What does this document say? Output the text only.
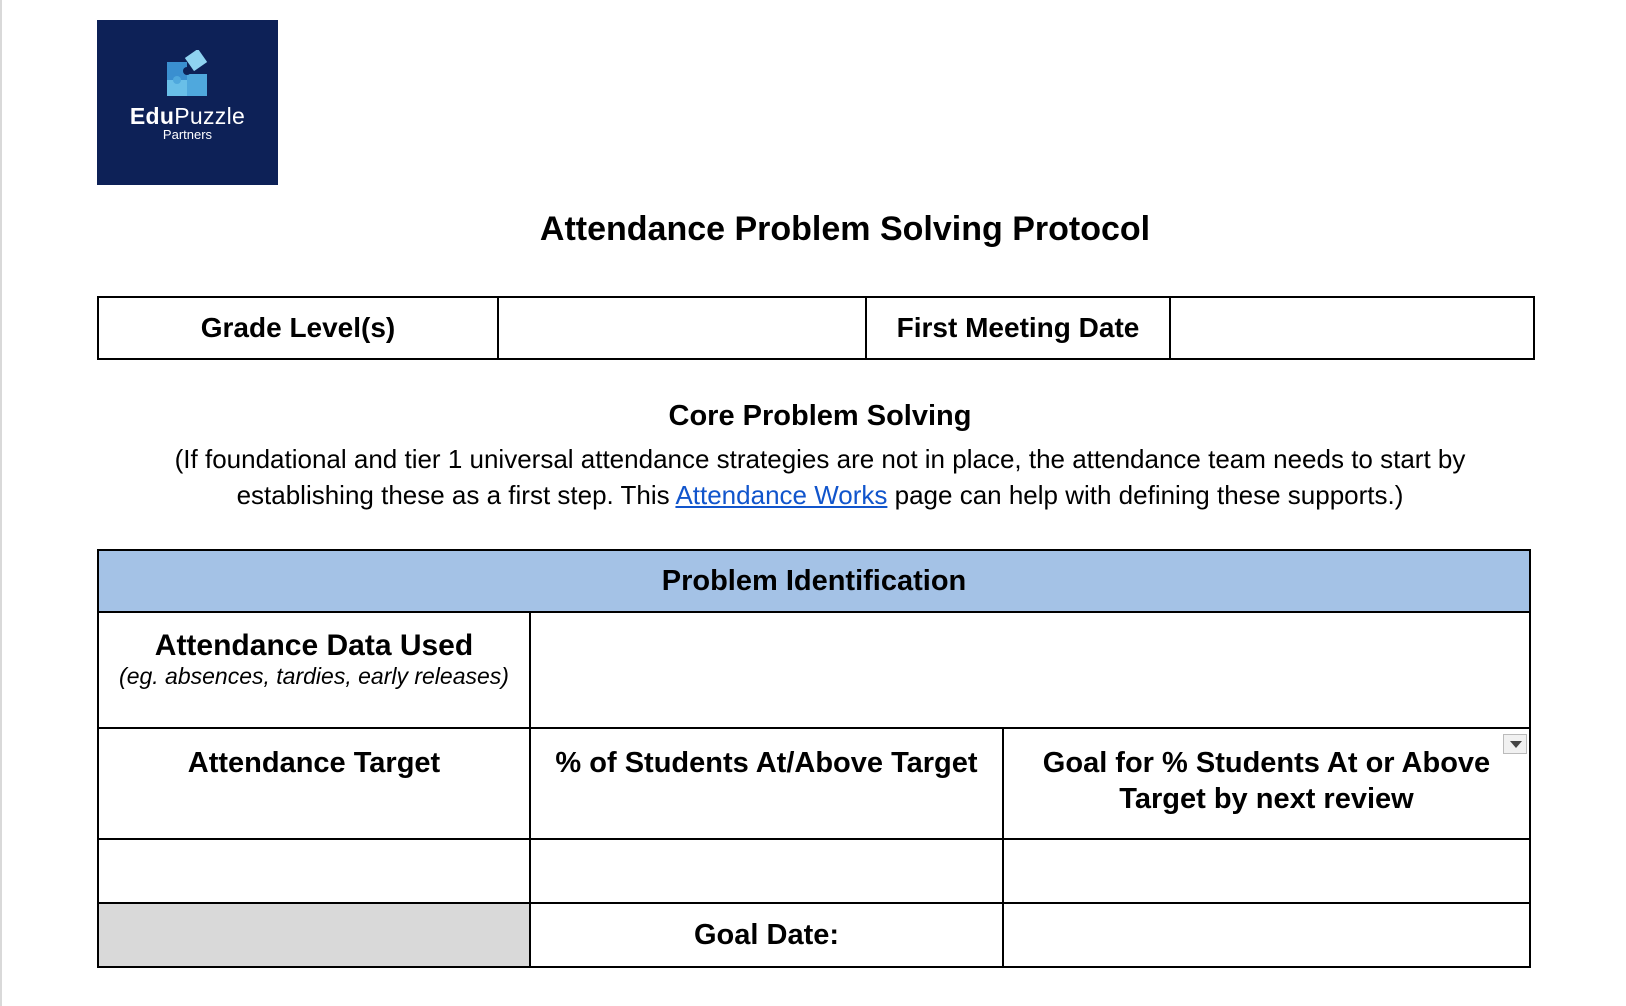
EduPuzzle
Partners
Attendance Problem Solving Protocol
Grade Level(s)		First Meeting Date	
Core Problem Solving
(If foundational and tier 1 universal attendance strategies are not in place, the attendance team needs to start by establishing these as a first step. This Attendance Works page can help with defining these supports.)
Problem Identification		

Attendance Data Used
(eg. absences, tardies, early releases)		

Attendance Target	% of Students At/Above Target	Goal for % Students At or Above Target by next review

	Goal Date:	
